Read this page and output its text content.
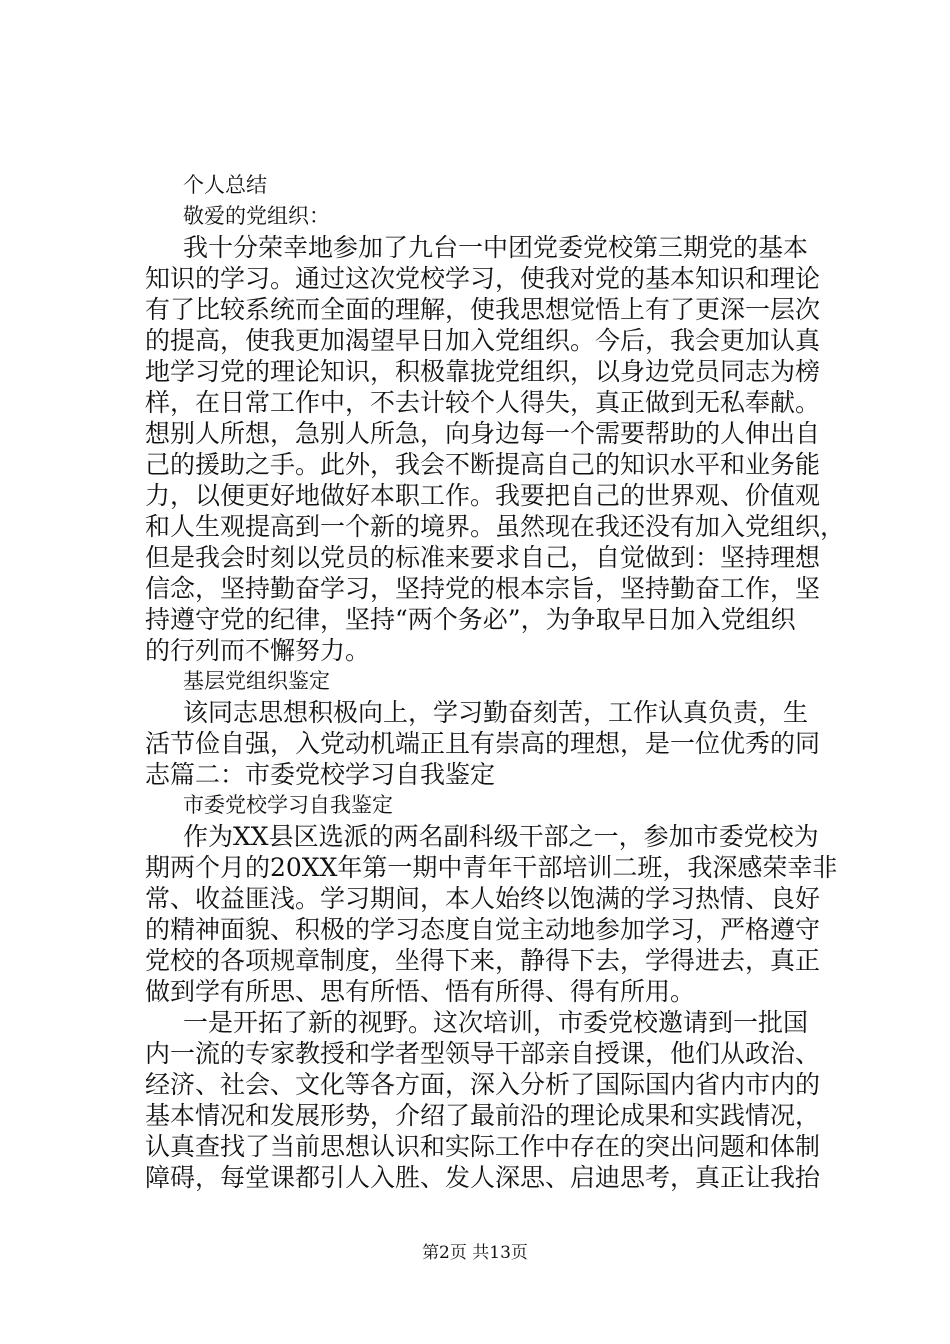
个人总结
敬爱的党组织：
我十分荣幸地参加了九台一中团党委党校第三期党的基本
知识的学习。通过这次党校学习，使我对党的基本知识和理论
有了比较系统而全面的理解，使我思想觉悟上有了更深一层次
的提高，使我更加渴望早日加入党组织。今后，我会更加认真
地学习党的理论知识，积极靠拢党组织，以身边党员同志为榜
样，在日常工作中，不去计较个人得失，真正做到无私奉献。
想别人所想，急别人所急，向身边每一个需要帮助的人伸出自
己的援助之手。此外，我会不断提高自己的知识水平和业务能
力，以便更好地做好本职工作。我要把自己的世界观、价值观
和人生观提高到一个新的境界。虽然现在我还没有加入党组织，
但是我会时刻以党员的标准来要求自己，自觉做到：坚持理想
信念，坚持勤奋学习，坚持党的根本宗旨，坚持勤奋工作，坚
持遵守党的纪律，坚持“两个务必”，为争取早日加入党组织
的行列而不懈努力。
基层党组织鉴定
该同志思想积极向上，学习勤奋刻苦，工作认真负责，生
活节俭自强，入党动机端正且有崇高的理想，是一位优秀的同
志篇二：市委党校学习自我鉴定
市委党校学习自我鉴定
作为XX县区选派的两名副科级干部之一，参加市委党校为
期两个月的20XX年第一期中青年干部培训二班，我深感荣幸非
常、收益匪浅。学习期间，本人始终以饱满的学习热情、良好
的精神面貌、积极的学习态度自觉主动地参加学习，严格遵守
党校的各项规章制度，坐得下来，静得下去，学得进去，真正
做到学有所思、思有所悟、悟有所得、得有所用。
一是开拓了新的视野。这次培训，市委党校邀请到一批国
内一流的专家教授和学者型领导干部亲自授课，他们从政治、
经济、社会、文化等各方面，深入分析了国际国内省内市内的
基本情况和发展形势，介绍了最前沿的理论成果和实践情况，
认真查找了当前思想认识和实际工作中存在的突出问题和体制
障碍，每堂课都引人入胜、发人深思、启迪思考，真正让我抬
第2页 共13页
